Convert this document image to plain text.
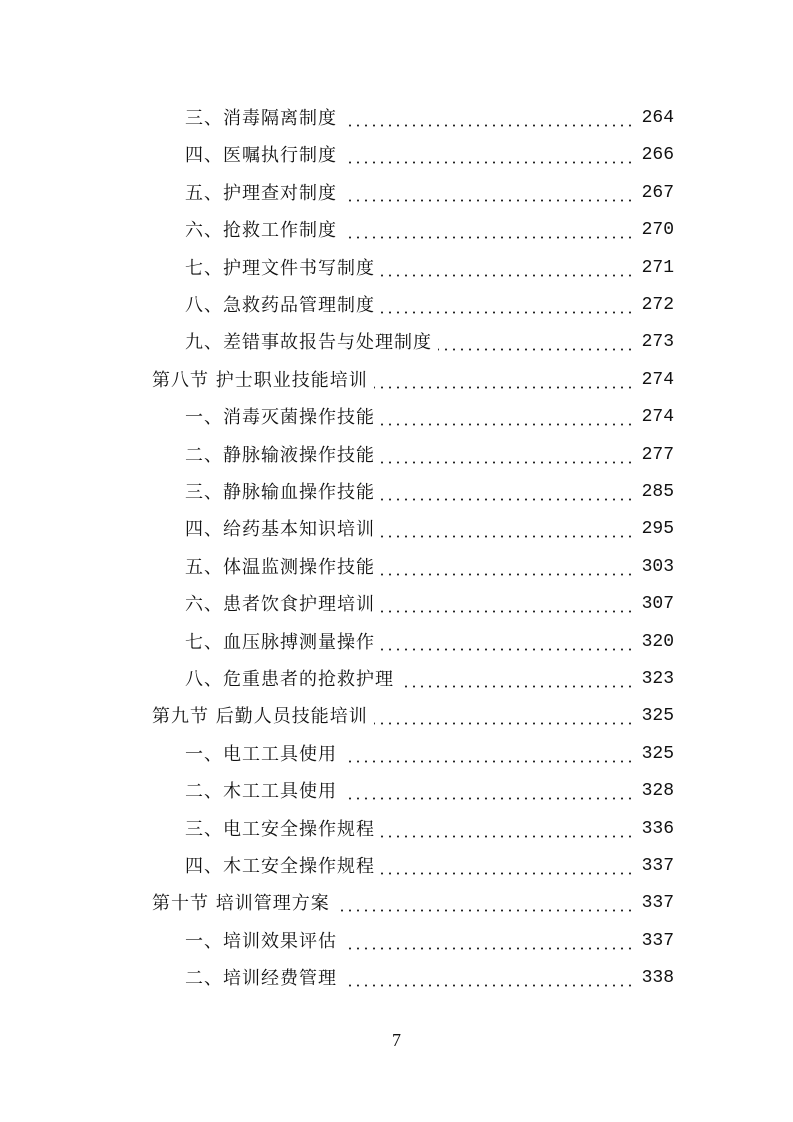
三、消毒隔离制度	264
四、医嘱执行制度	266
五、护理查对制度	267
六、抢救工作制度	270
七、护理文件书写制度	271
八、急救药品管理制度	272
九、差错事故报告与处理制度	273
第八节 护士职业技能培训	274
一、消毒灭菌操作技能	274
二、静脉输液操作技能	277
三、静脉输血操作技能	285
四、给药基本知识培训	295
五、体温监测操作技能	303
六、患者饮食护理培训	307
七、血压脉搏测量操作	320
八、危重患者的抢救护理	323
第九节 后勤人员技能培训	325
一、电工工具使用	325
二、木工工具使用	328
三、电工安全操作规程	336
四、木工安全操作规程	337
第十节 培训管理方案	337
一、培训效果评估	337
二、培训经费管理	338
7
